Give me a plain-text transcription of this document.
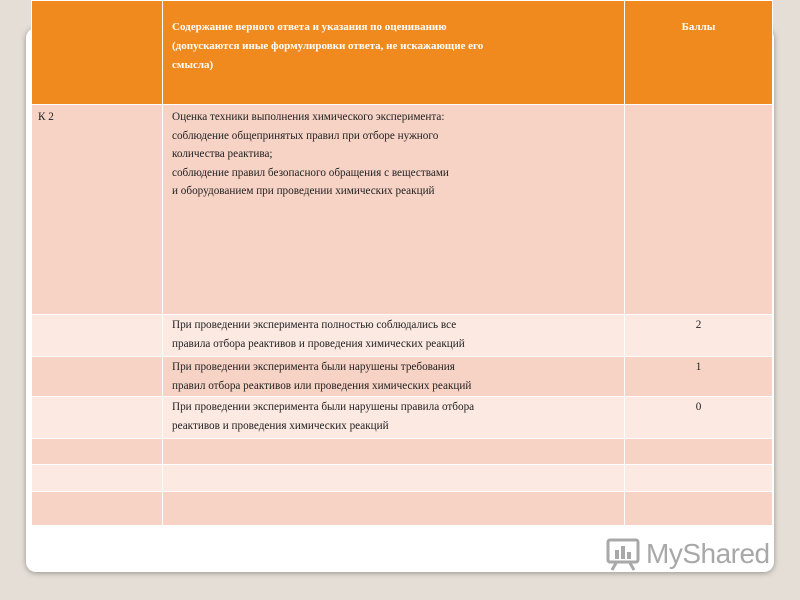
	Содержание верного ответа и указания по оцениванию
(допускаются иные формулировки ответа, не искажающие его
смысла)	Баллы
К 2	Оценка техники выполнения химического эксперимента:
соблюдение общепринятых правил при отборе нужного
количества реактива;
соблюдение правил безопасного обращения с веществами
и оборудованием при проведении химических реакций	

	При проведении эксперимента полностью соблюдались все
правила отбора реактивов и проведения химических реакций	2

	При проведении эксперимента были нарушены требования
правил отбора реактивов или проведения химических реакций	1

	При проведении эксперимента были нарушены правила отбора
реактивов и проведения химических реакций	0

MyShared
